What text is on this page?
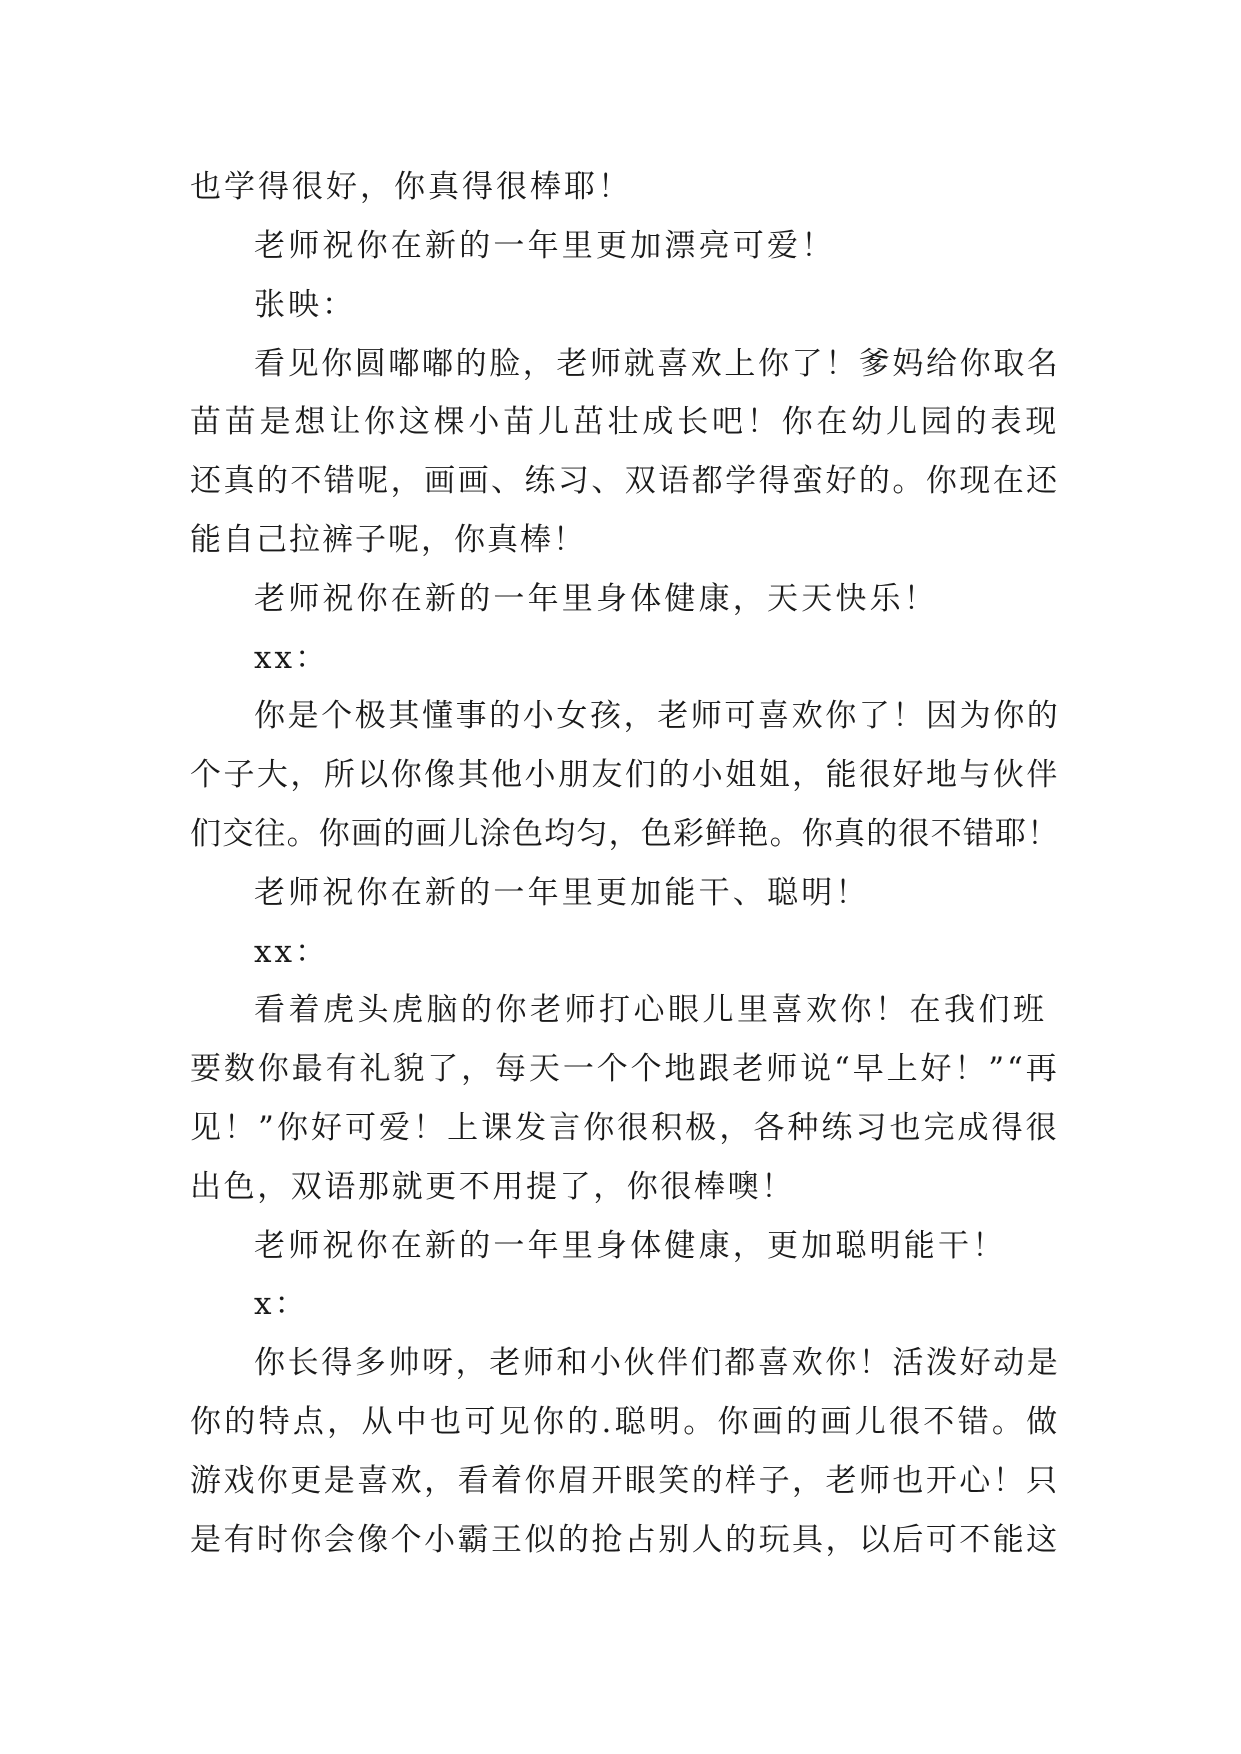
也学得很好，你真得很棒耶！
老师祝你在新的一年里更加漂亮可爱！
张映：
看见你圆嘟嘟的脸，老师就喜欢上你了！爹妈给你取名
苗苗是想让你这棵小苗儿茁壮成长吧！你在幼儿园的表现
还真的不错呢，画画、练习、双语都学得蛮好的。你现在还
能自己拉裤子呢，你真棒！
老师祝你在新的一年里身体健康，天天快乐！
xx：
你是个极其懂事的小女孩，老师可喜欢你了！因为你的
个子大，所以你像其他小朋友们的小姐姐，能很好地与伙伴
们交往。你画的画儿涂色均匀，色彩鲜艳。你真的很不错耶！
老师祝你在新的一年里更加能干、聪明！
xx：
看着虎头虎脑的你老师打心眼儿里喜欢你！在我们班
要数你最有礼貌了，每天一个个地跟老师说“早上好！”“再
见！”你好可爱！上课发言你很积极，各种练习也完成得很
出色，双语那就更不用提了，你很棒噢！
老师祝你在新的一年里身体健康，更加聪明能干！
x：
你长得多帅呀，老师和小伙伴们都喜欢你！活泼好动是
你的特点，从中也可见你的.聪明。你画的画儿很不错。做
游戏你更是喜欢，看着你眉开眼笑的样子，老师也开心！只
是有时你会像个小霸王似的抢占别人的玩具，以后可不能这
